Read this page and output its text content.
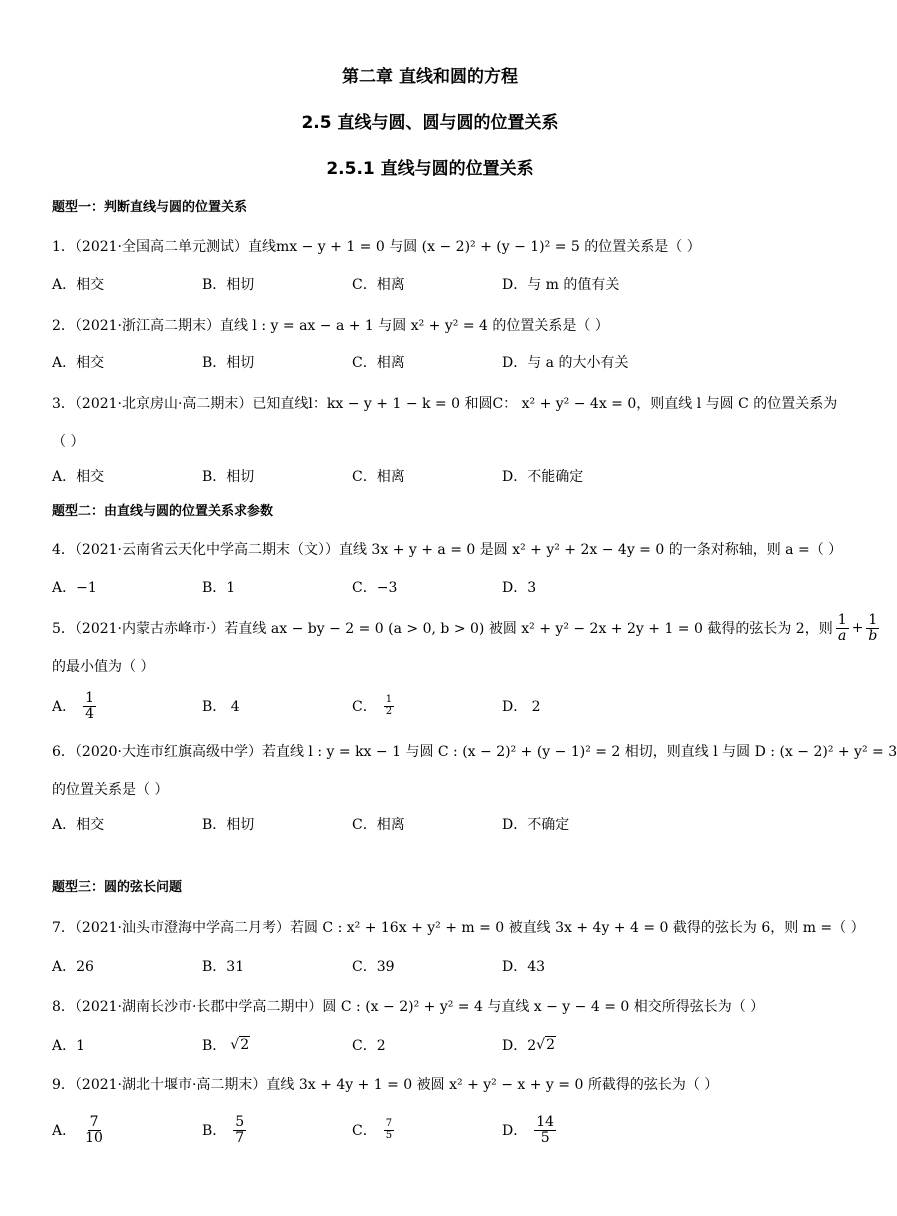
第二章 直线和圆的方程
2.5 直线与圆、圆与圆的位置关系
2.5.1 直线与圆的位置关系
题型一：判断直线与圆的位置关系
1．（2021·全国高二单元测试）直线mx − y + 1 = 0 与圆 (x − 2)² + (y − 1)² = 5 的位置关系是（ ）
A．相交	B．相切	C．相离	D．与 m 的值有关
2．（2021·浙江高二期末）直线 l : y = ax − a + 1 与圆 x² + y² = 4 的位置关系是（ ）
A．相交	B．相切	C．相离	D．与 a 的大小有关
3．（2021·北京房山·高二期末）已知直线l：kx − y + 1 − k = 0 和圆C： x² + y² − 4x = 0，则直线 l 与圆 C 的位置关系为
（ ）
A．相交	B．相切	C．相离	D．不能确定
题型二：由直线与圆的位置关系求参数
4．（2021·云南省云天化中学高二期末（文））直线 3x + y + a = 0 是圆 x² + y² + 2x − 4y = 0 的一条对称轴，则 a =（ ）
A．−1	B．1	C．−3	D．3
5．（2021·内蒙古赤峰市·）若直线 ax − by − 2 = 0 (a > 0, b > 0) 被圆 x² + y² − 2x + 2y + 1 = 0 截得的弦长为 2，则 $\frac{1}{a} + \frac{1}{b}$
的最小值为（ ）
A． $\frac{1}{4}$	B． 4	C． $\frac{1}{2}$	D． 2
6．（2020·大连市红旗高级中学）若直线 l : y = kx − 1 与圆 C : (x − 2)² + (y − 1)² = 2 相切，则直线 l 与圆 D : (x − 2)² + y² = 3
的位置关系是（ ）
A．相交	B．相切	C．相离	D．不确定
题型三：圆的弦长问题
7．（2021·汕头市澄海中学高二月考）若圆 C : x² + 16x + y² + m = 0 被直线 3x + 4y + 4 = 0 截得的弦长为 6，则 m =（ ）
A．26	B．31	C．39	D．43
8．（2021·湖南长沙市·长郡中学高二期中）圆 C : (x − 2)² + y² = 4 与直线 x − y − 4 = 0 相交所得弦长为（ ）
A．1	B． √2	C．2	D．2 √2
9．（2021·湖北十堰市·高二期末）直线 3x + 4y + 1 = 0 被圆 x² + y² − x + y = 0 所截得的弦长为（ ）
A． $\frac{7}{10}$	B． $\frac{5}{7}$	C． $\frac{7}{5}$	D． $\frac{14}{5}$
